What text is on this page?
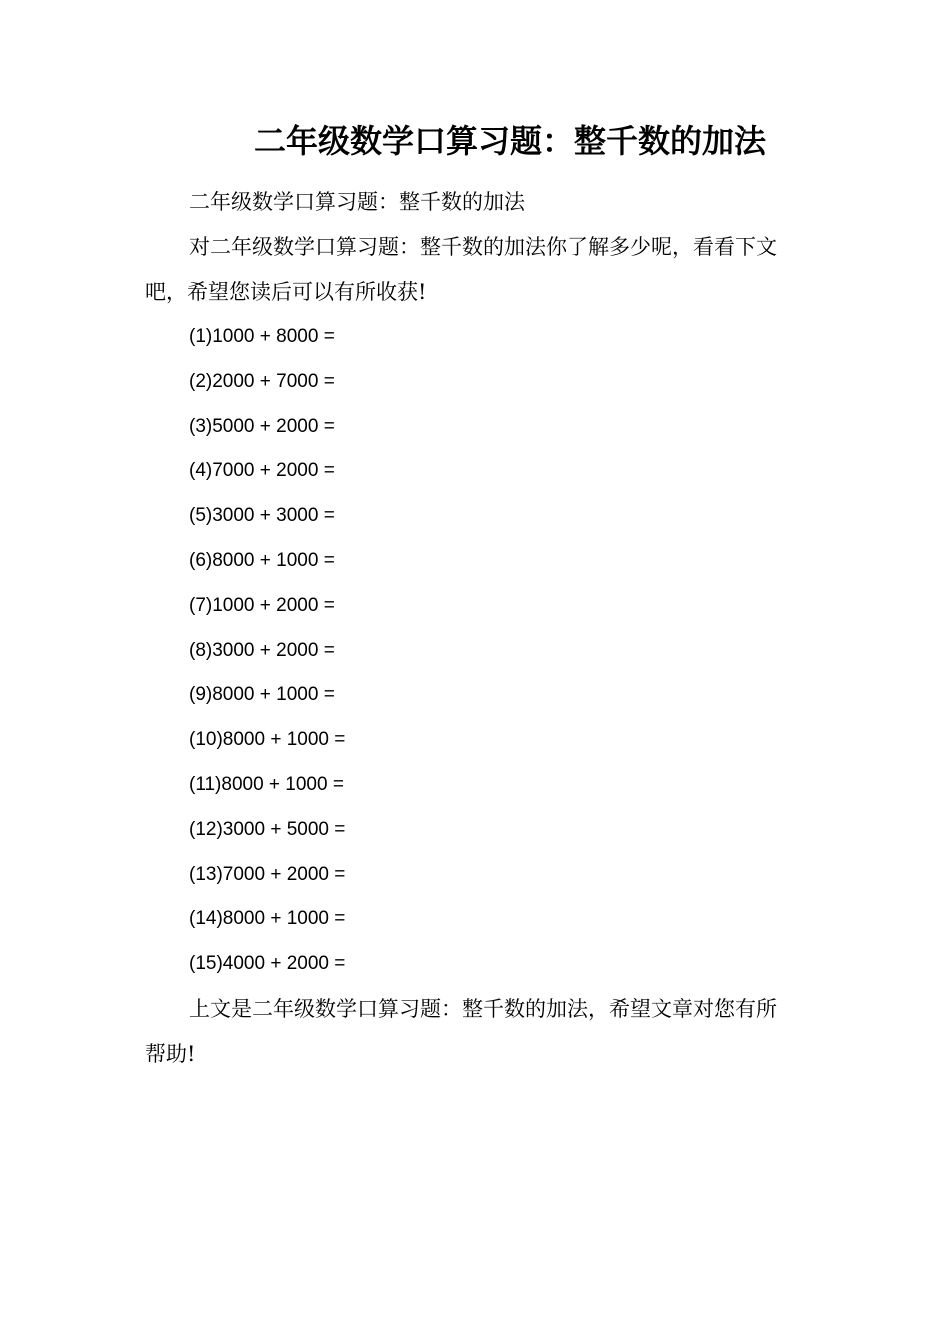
二年级数学口算习题：整千数的加法

二年级数学口算习题：整千数的加法

对二年级数学口算习题：整千数的加法你了解多少呢，看看下文

吧，希望您读后可以有所收获!

(1)1000 + 8000 =
(2)2000 + 7000 =
(3)5000 + 2000 =
(4)7000 + 2000 =
(5)3000 + 3000 =
(6)8000 + 1000 =
(7)1000 + 2000 =
(8)3000 + 2000 =
(9)8000 + 1000 =
(10)8000 + 1000 =
(11)8000 + 1000 =
(12)3000 + 5000 =
(13)7000 + 2000 =
(14)8000 + 1000 =
(15)4000 + 2000 =

上文是二年级数学口算习题：整千数的加法，希望文章对您有所

帮助!
